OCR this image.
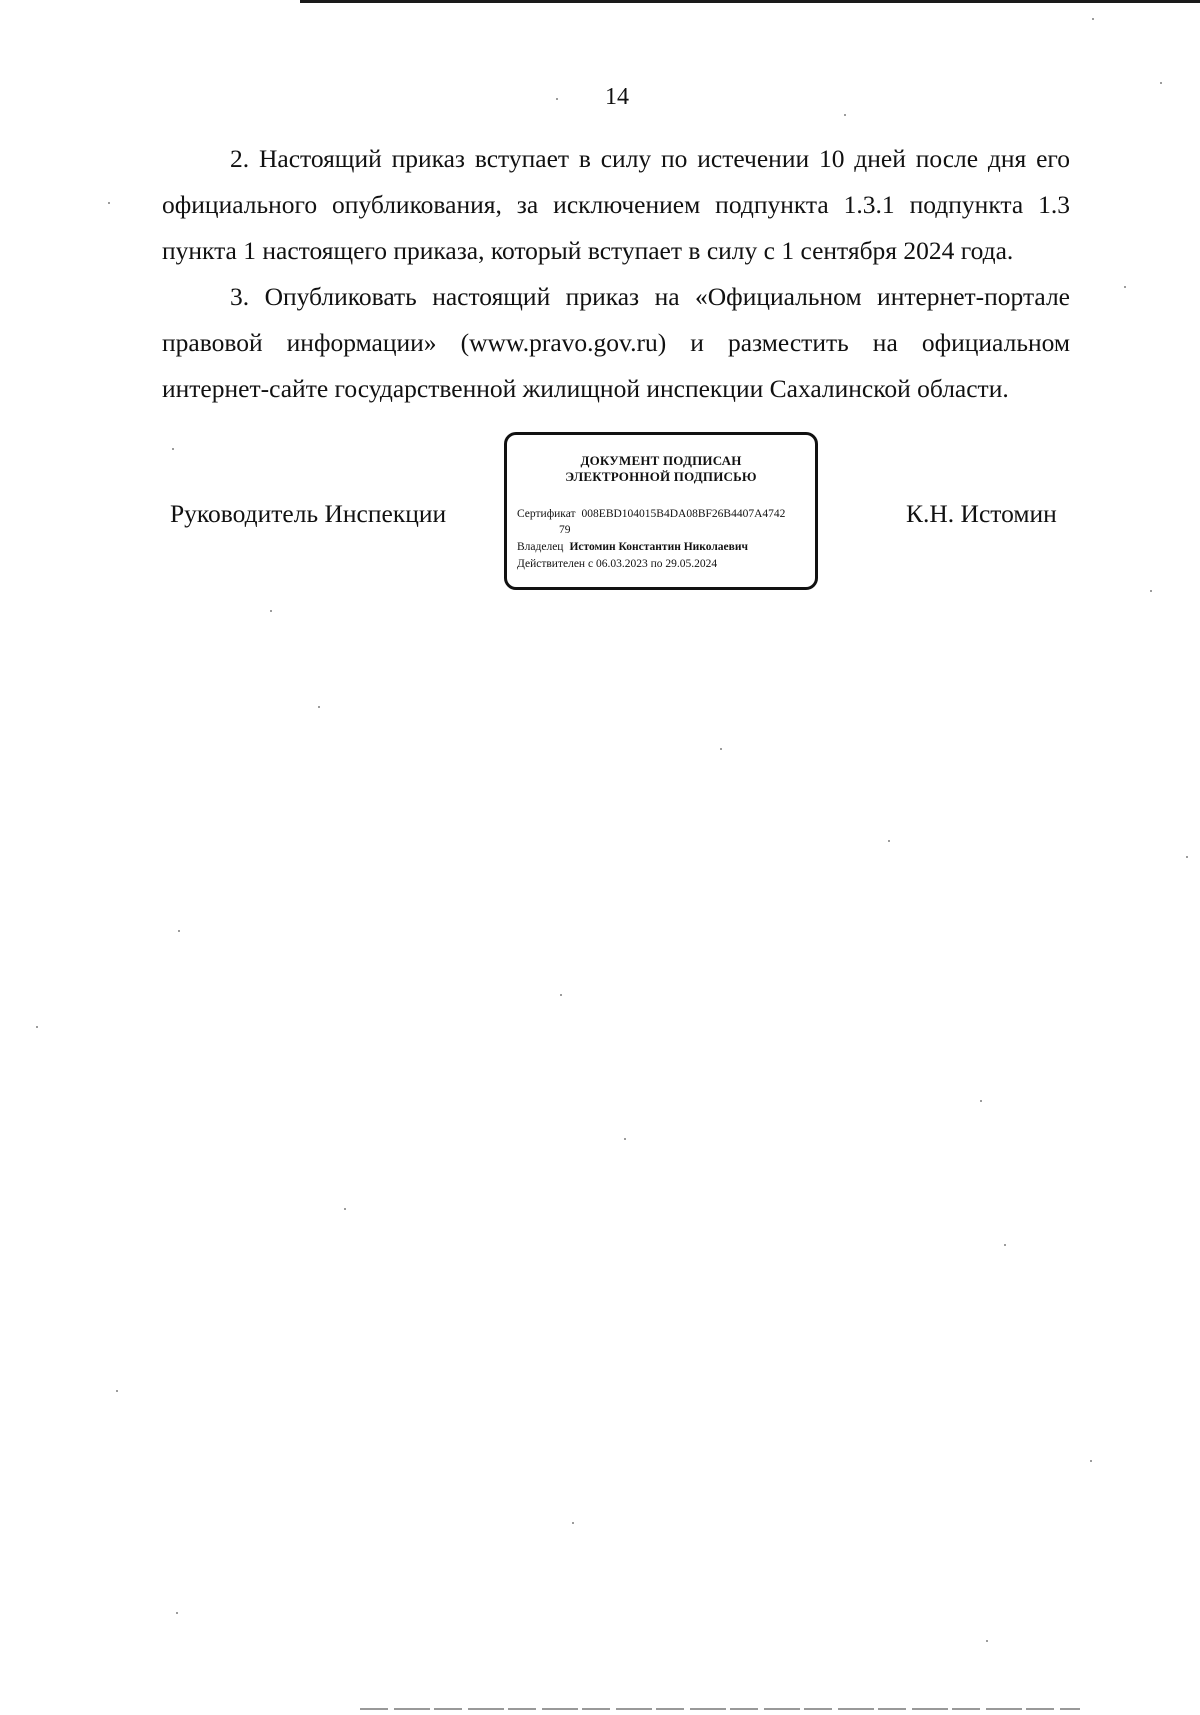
14

2. Настоящий приказ вступает в силу по истечении 10 дней после дня его официального опубликования, за исключением подпункта 1.3.1 подпункта 1.3 пункта 1 настоящего приказа, который вступает в силу с 1 сентября 2024 года.

3. Опубликовать настоящий приказ на «Официальном интернет-портале правовой информации» (www.pravo.gov.ru) и разместить на официальном интернет-сайте государственной жилищной инспекции Сахалинской области.

Руководитель Инспекции
ДОКУМЕНТ ПОДПИСАН
ЭЛЕКТРОННОЙ ПОДПИСЬЮ
Сертификат 008EBD104015B4DA08BF26B4407A4742
79
Владелец Истомин Константин Николаевич
Действителен с 06.03.2023 по 29.05.2024
К.Н. Истомин
